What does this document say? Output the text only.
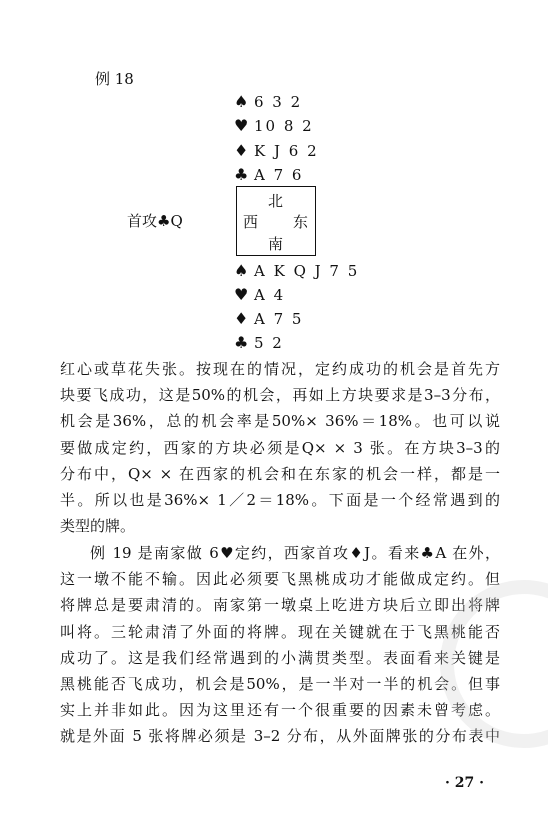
例 18
♠ 6 3 2
♥ 10 8 2
♦ K J 6 2
♣ A 7 6
首攻♣Q
北
西 东
南
♠ A K Q J 7 5
♥ A 4
♦ A 7 5
♣ 5 2

红心或草花失张。按现在的情况，定约成功的机会是首先方

块要飞成功，这是50%的机会，再如上方块要求是3–3分布，

机会是36%，总的机会率是50%× 36%＝18%。也可以说

要做成定约，西家的方块必须是Q× × 3 张。在方块3–3的

分布中，Q× × 在西家的机会和在东家的机会一样，都是一

半。所以也是36%× 1／2＝18%。下面是一个经常遇到的

类型的牌。

例 19 是南家做 6♥定约，西家首攻♦J。看来♣A 在外，

这一墩不能不输。因此必须要飞黑桃成功才能做成定约。但

将牌总是要肃清的。南家第一墩桌上吃进方块后立即出将牌

叫将。三轮肃清了外面的将牌。现在关键就在于飞黑桃能否

成功了。这是我们经常遇到的小满贯类型。表面看来关键是

黑桃能否飞成功，机会是50%，是一半对一半的机会。但事

实上并非如此。因为这里还有一个很重要的因素未曾考虑。

就是外面 5 张将牌必须是 3–2 分布，从外面牌张的分布表中

· 27 ·
